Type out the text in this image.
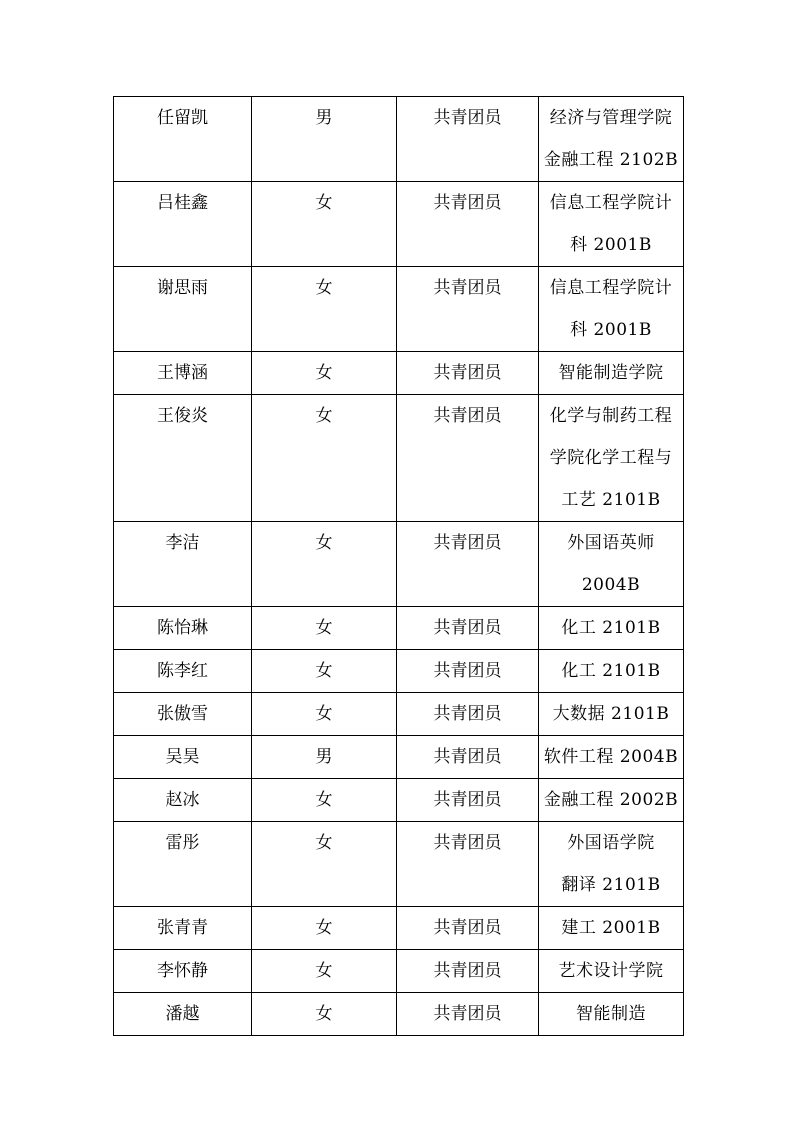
任留凯	男	共青团员	经济与管理学院
金融工程 2102B
吕桂鑫	女	共青团员	信息工程学院计
科 2001B
谢思雨	女	共青团员	信息工程学院计
科 2001B
王博涵	女	共青团员	智能制造学院
王俊炎	女	共青团员	化学与制药工程
学院化学工程与
工艺 2101B
李洁	女	共青团员	外国语英师
2004B
陈怡琳	女	共青团员	化工 2101B
陈李红	女	共青团员	化工 2101B
张傲雪	女	共青团员	大数据 2101B
吴昊	男	共青团员	软件工程 2004B
赵冰	女	共青团员	金融工程 2002B
雷彤	女	共青团员	外国语学院
翻译 2101B
张青青	女	共青团员	建工 2001B
李怀静	女	共青团员	艺术设计学院
潘越	女	共青团员	智能制造
